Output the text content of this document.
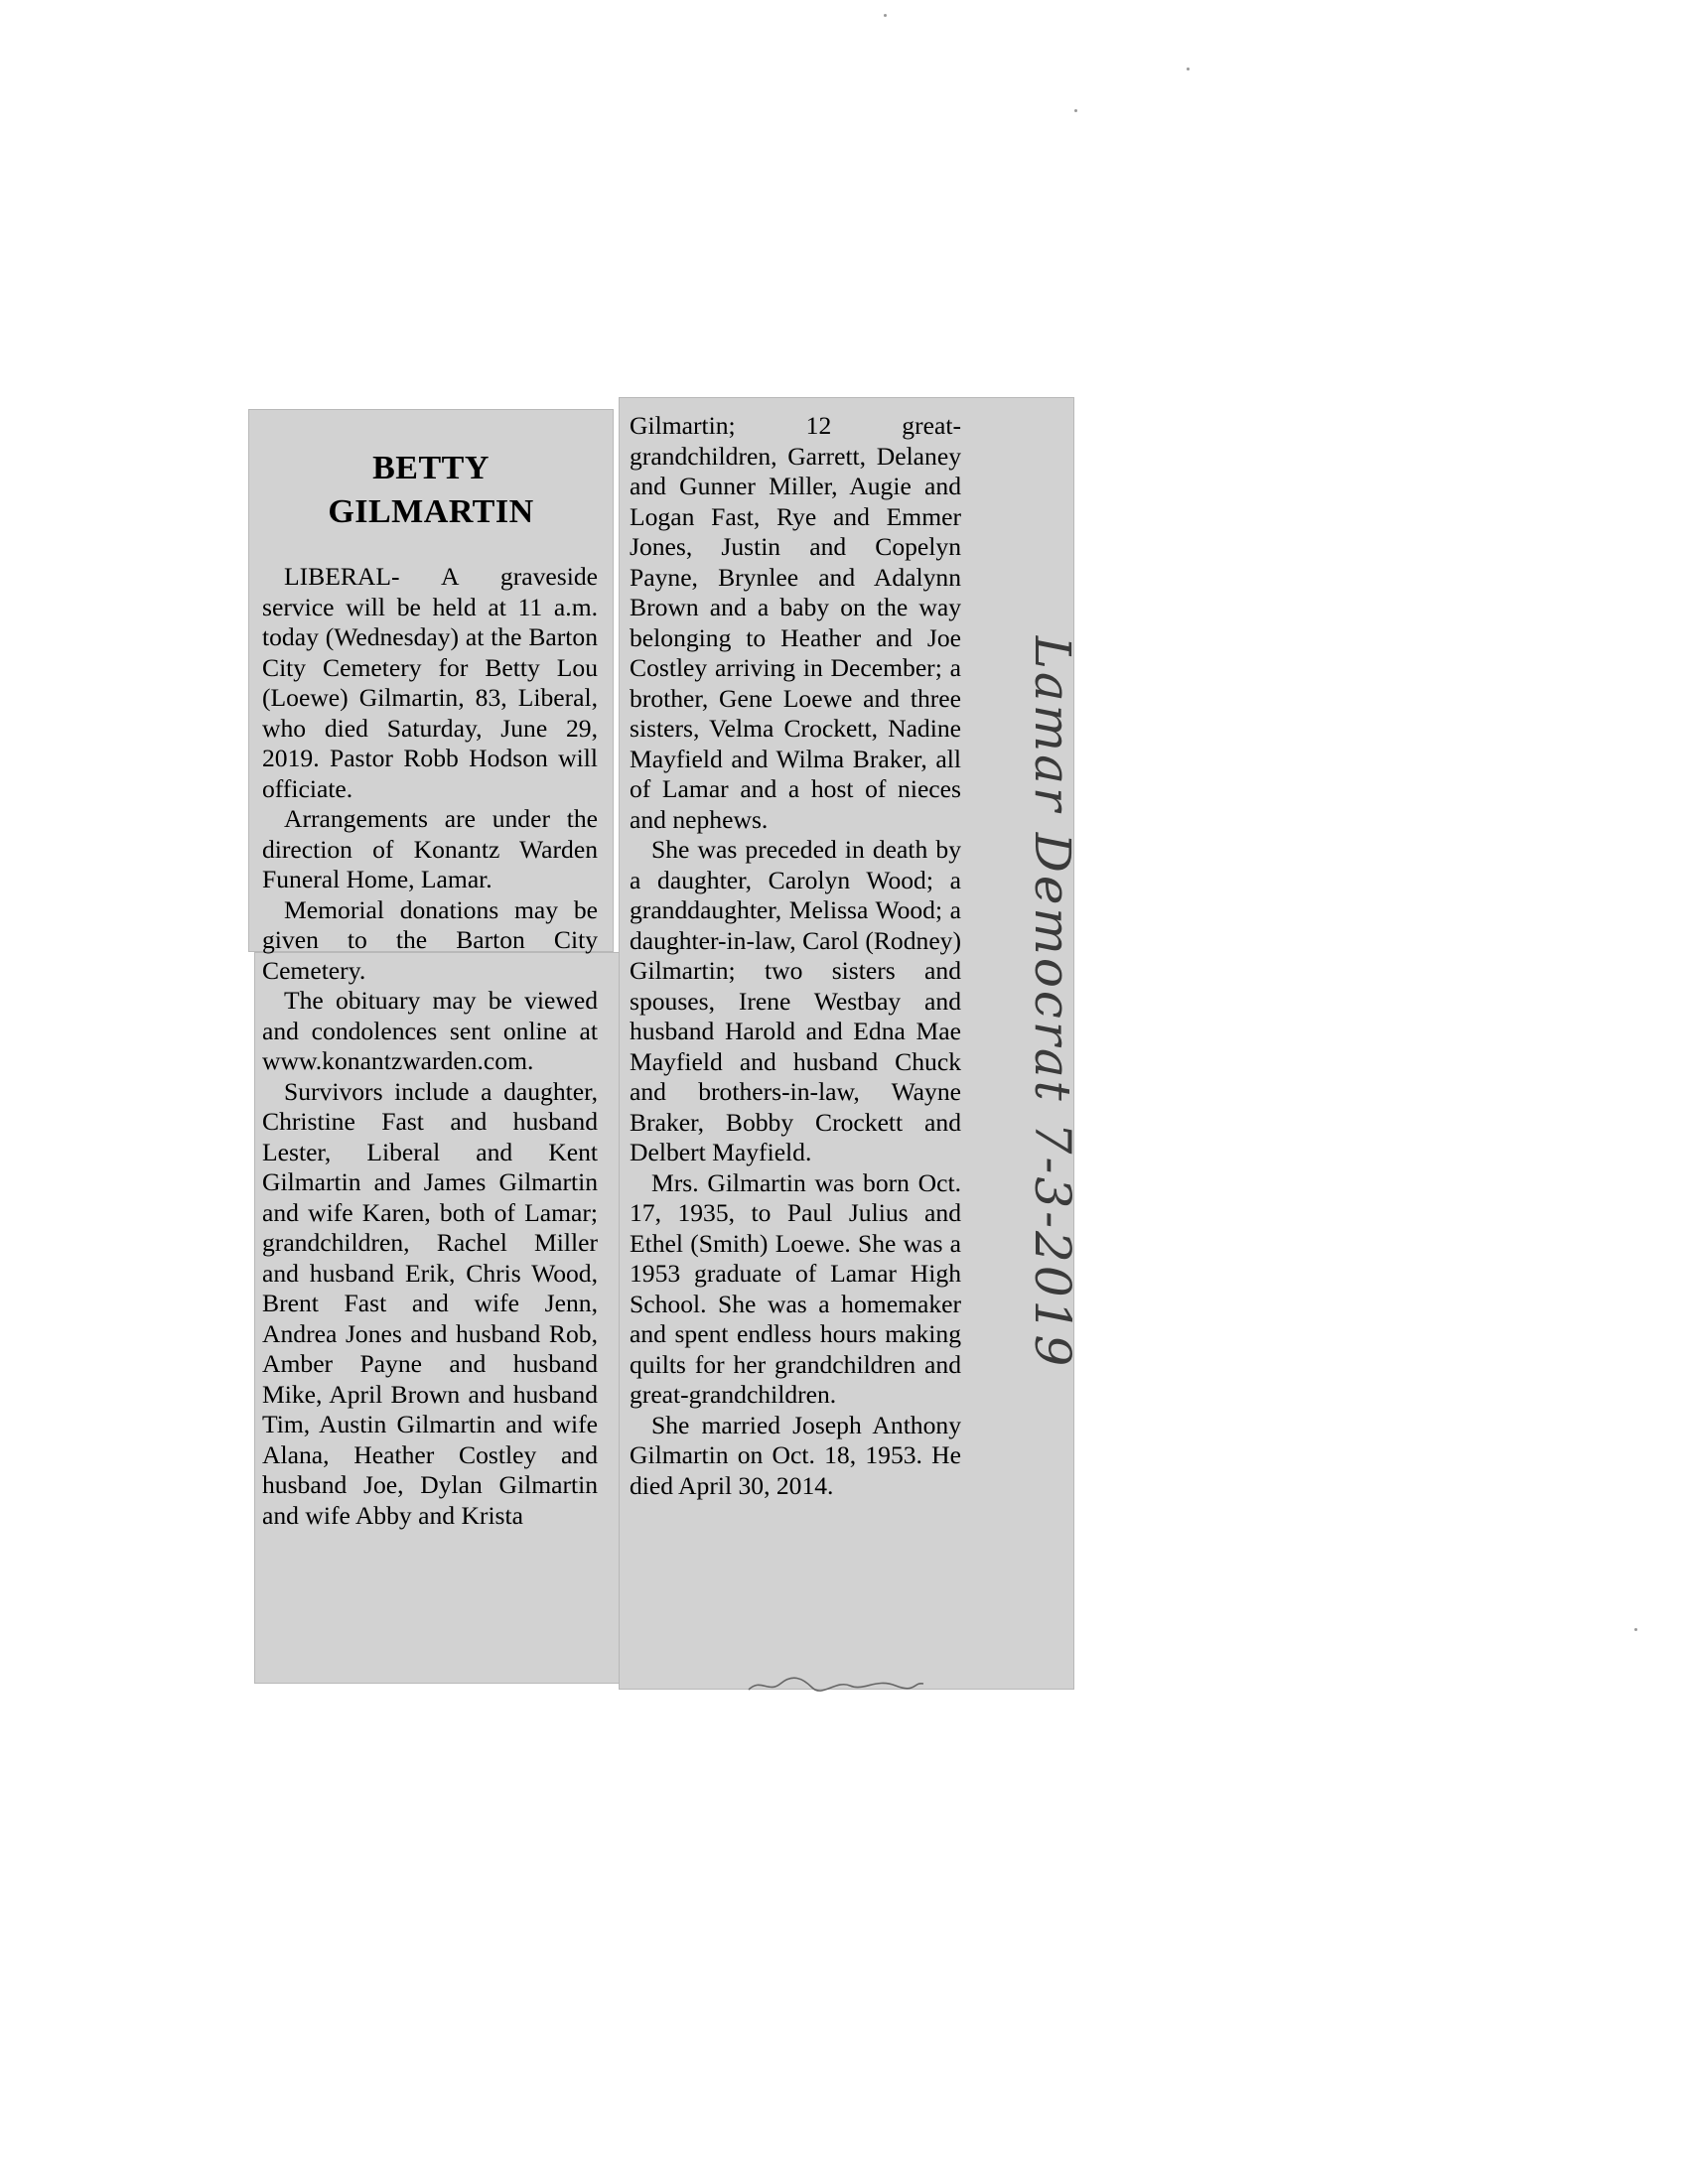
BETTY
GILMARTIN

LIBERAL- A graveside service will be held at 11 a.m. today (Wednesday) at the Barton City Cemetery for Betty Lou (Loewe) Gilmartin, 83, Liberal, who died Saturday, June 29, 2019. Pastor Robb Hodson will officiate.

Arrangements are under the direction of Konantz Warden Funeral Home, Lamar.

Memorial donations may be given to the Barton City Cemetery.

The obituary may be viewed and condolences sent online at www.konantzwarden.com.

Survivors include a daughter, Christine Fast and husband Lester, Liberal and Kent Gilmartin and James Gilmartin and wife Karen, both of Lamar; grandchildren, Rachel Miller and husband Erik, Chris Wood, Brent Fast and wife Jenn, Andrea Jones and husband Rob, Amber Payne and husband Mike, April Brown and husband Tim, Austin Gilmartin and wife Alana, Heather Costley and husband Joe, Dylan Gilmartin and wife Abby and Krista

Gilmartin; 12 great-grandchildren, Garrett, Delaney and Gunner Miller, Augie and Logan Fast, Rye and Emmer Jones, Justin and Copelyn Payne, Brynlee and Adalynn Brown and a baby on the way belonging to Heather and Joe Costley arriving in December; a brother, Gene Loewe and three sisters, Velma Crockett, Nadine Mayfield and Wilma Braker, all of Lamar and a host of nieces and nephews.

She was preceded in death by a daughter, Carolyn Wood; a granddaughter, Melissa Wood; a daughter-in-law, Carol (Rodney) Gilmartin; two sisters and spouses, Irene Westbay and husband Harold and Edna Mae Mayfield and husband Chuck and brothers-in-law, Wayne Braker, Bobby Crockett and Delbert Mayfield.

Mrs. Gilmartin was born Oct. 17, 1935, to Paul Julius and Ethel (Smith) Loewe. She was a 1953 graduate of Lamar High School. She was a homemaker and spent endless hours making quilts for her grandchildren and great-grandchildren.

She married Joseph Anthony Gilmartin on Oct. 18, 1953. He died April 30, 2014.

Lamar Democrat 7-3-2019
